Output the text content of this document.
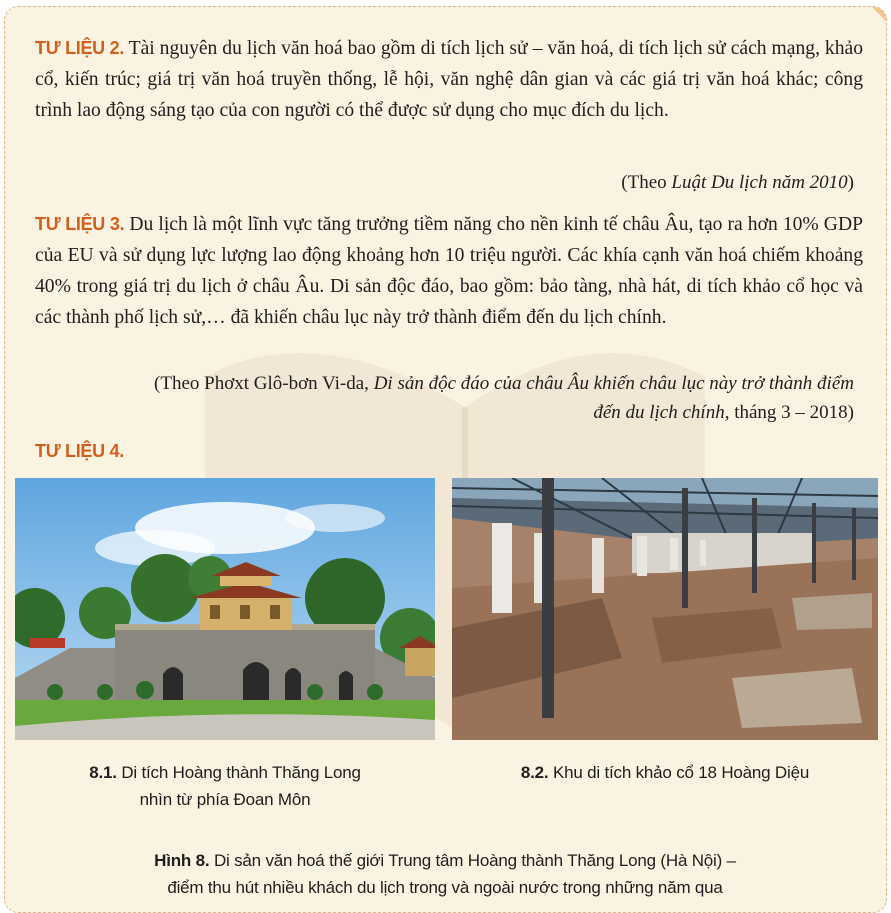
TƯ LIỆU 2. Tài nguyên du lịch văn hoá bao gồm di tích lịch sử – văn hoá, di tích lịch sử cách mạng, khảo cổ, kiến trúc; giá trị văn hoá truyền thống, lễ hội, văn nghệ dân gian và các giá trị văn hoá khác; công trình lao động sáng tạo của con người có thể được sử dụng cho mục đích du lịch.

(Theo Luật Du lịch năm 2010)

TƯ LIỆU 3. Du lịch là một lĩnh vực tăng trưởng tiềm năng cho nền kinh tế châu Âu, tạo ra hơn 10% GDP của EU và sử dụng lực lượng lao động khoảng hơn 10 triệu người. Các khía cạnh văn hoá chiếm khoảng 40% trong giá trị du lịch ở châu Âu. Di sản độc đáo, bao gồm: bảo tàng, nhà hát, di tích khảo cổ học và các thành phố lịch sử,… đã khiến châu lục này trở thành điểm đến du lịch chính.

(Theo Phơxt Glô-bơn Vi-da, Di sản độc đáo của châu Âu khiến châu lục này trở thành điểm đến du lịch chính, tháng 3 – 2018)

TƯ LIỆU 4.

8.1. Di tích Hoàng thành Thăng Long
nhìn từ phía Đoan Môn

8.2. Khu di tích khảo cổ 18 Hoàng Diệu

Hình 8. Di sản văn hoá thế giới Trung tâm Hoàng thành Thăng Long (Hà Nội) –
điểm thu hút nhiều khách du lịch trong và ngoài nước trong những năm qua
